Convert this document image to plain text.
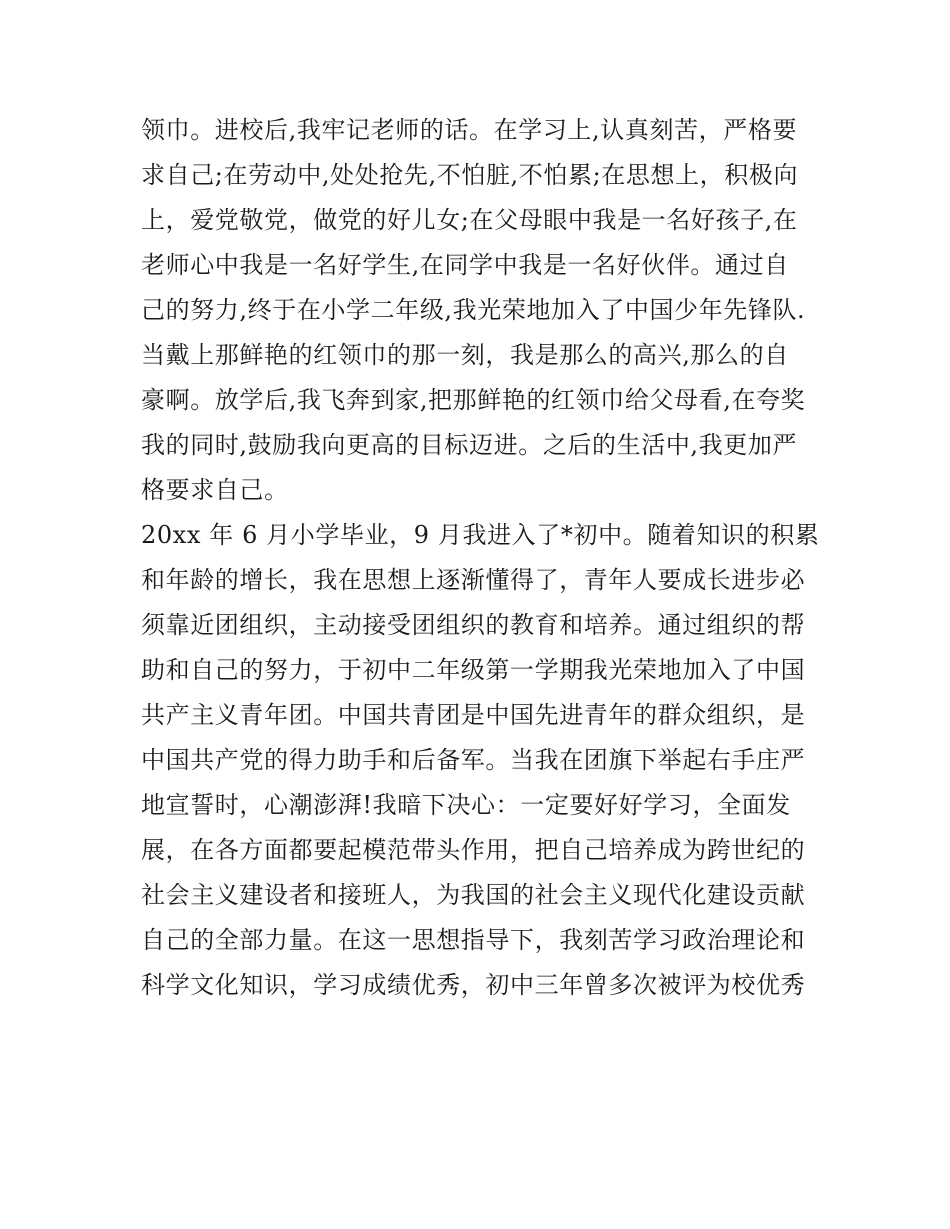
领巾。进校后,我牢记老师的话。在学习上,认真刻苦，严格要
求自己;在劳动中,处处抢先,不怕脏,不怕累;在思想上，积极向
上，爱党敬党，做党的好儿女;在父母眼中我是一名好孩子,在
老师心中我是一名好学生,在同学中我是一名好伙伴。通过自
己的努力,终于在小学二年级,我光荣地加入了中国少年先锋队.
当戴上那鲜艳的红领巾的那一刻，我是那么的高兴,那么的自
豪啊。放学后,我飞奔到家,把那鲜艳的红领巾给父母看,在夸奖
我的同时,鼓励我向更高的目标迈进。之后的生活中,我更加严
格要求自己。
20xx 年 6 月小学毕业，9 月我进入了*初中。随着知识的积累
和年龄的增长，我在思想上逐渐懂得了，青年人要成长进步必
须靠近团组织，主动接受团组织的教育和培养。通过组织的帮
助和自己的努力，于初中二年级第一学期我光荣地加入了中国
共产主义青年团。中国共青团是中国先进青年的群众组织，是
中国共产党的得力助手和后备军。当我在团旗下举起右手庄严
地宣誓时，心潮澎湃!我暗下决心：一定要好好学习，全面发
展，在各方面都要起模范带头作用，把自己培养成为跨世纪的
社会主义建设者和接班人，为我国的社会主义现代化建设贡献
自己的全部力量。在这一思想指导下，我刻苦学习政治理论和
科学文化知识，学习成绩优秀，初中三年曾多次被评为校优秀
